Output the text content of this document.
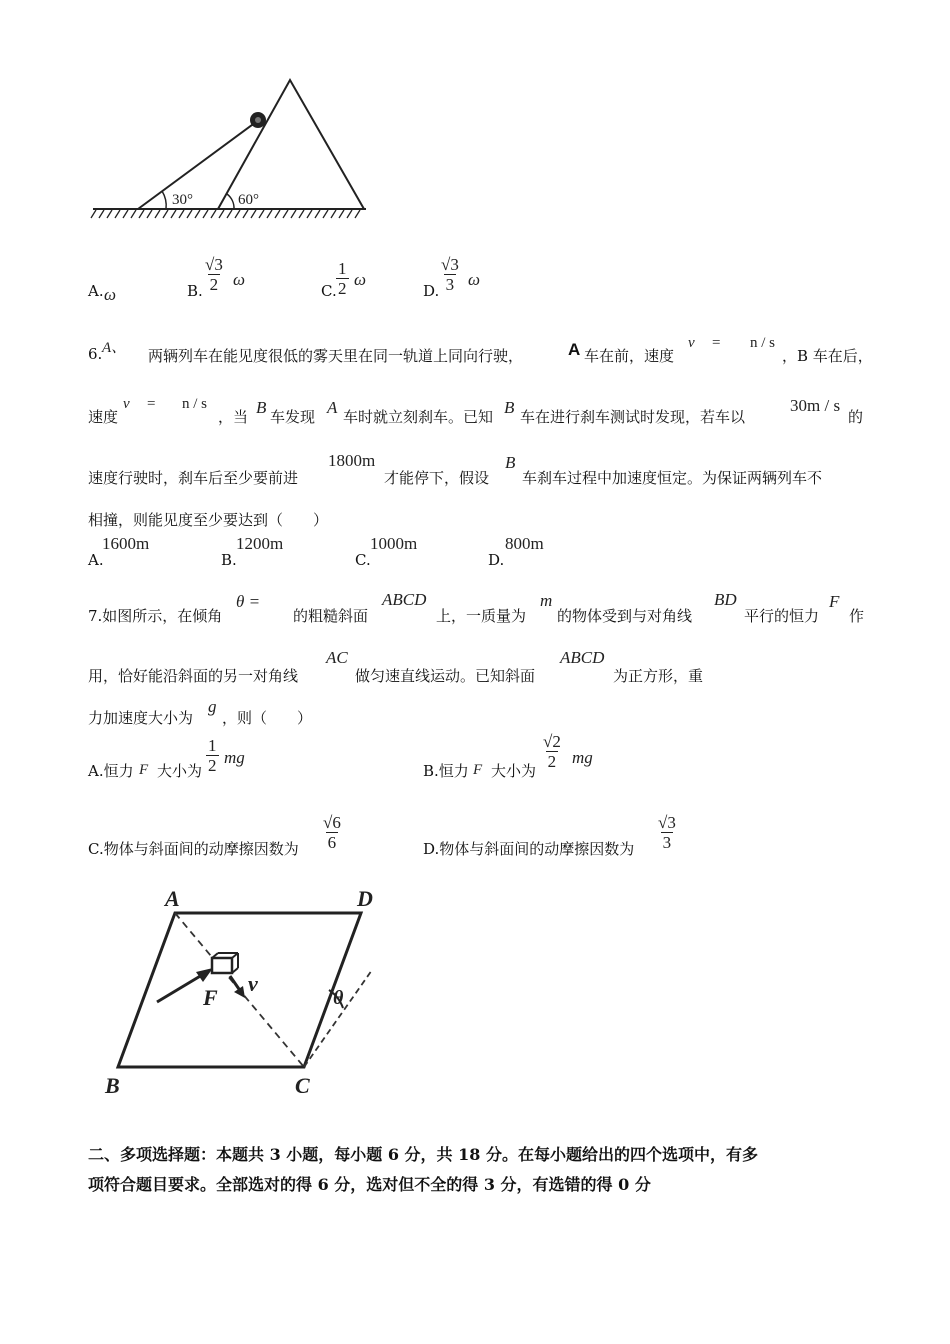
30°	60°
A. ω	B. $\frac{√3}{2}$ ω
C. $\frac{1}{2}$ ω
D. $\frac{√3}{3}$ ω
6. A、 两辆列车在能见度很低的雾天里在同一轨道上同向行驶，	A 车在前，速度
v = n / s
，B 车在后，
速度
v = n / s
，当 B 车发现 A 车时就立刻刹车。已知 B 车在进行刹车测试时发现，若车以
30m / s
的
速度行驶时，刹车后至少要前进
1800m
才能停下，假设
B
车刹车过程中加速度恒定。为保证两辆列车不
相撞，则能见度至少要达到（　　）
A.
1600m
B.
1200m
C.
1000m
D.
800m
7.如图所示，在倾角
θ =
的粗糙斜面
ABCD
上，一质量为
m
的物体受到与对角线
BD
平行的恒力
F
作
用，恰好能沿斜面的另一对角线
AC
做匀速直线运动。已知斜面
ABCD
为正方形，重
力加速度大小为
g
，则（　　）
A.恒力 F 大小为 $\frac{1}{2}$ mg
B.恒力 F 大小为 $\frac{√2}{2}$ mg
C.物体与斜面间的动摩擦因数为 $\frac{√6}{6}$	D.物体与斜面间的动摩擦因数为 $\frac{√3}{3}$
A	D
B	C
F
v
θ
二、多项选择题：本题共 3 小题，每小题 6 分，共 18 分。在每小题给出的四个选项中，有多
项符合题目要求。全部选对的得 6 分，选对但不全的得 3 分，有选错的得 0 分
